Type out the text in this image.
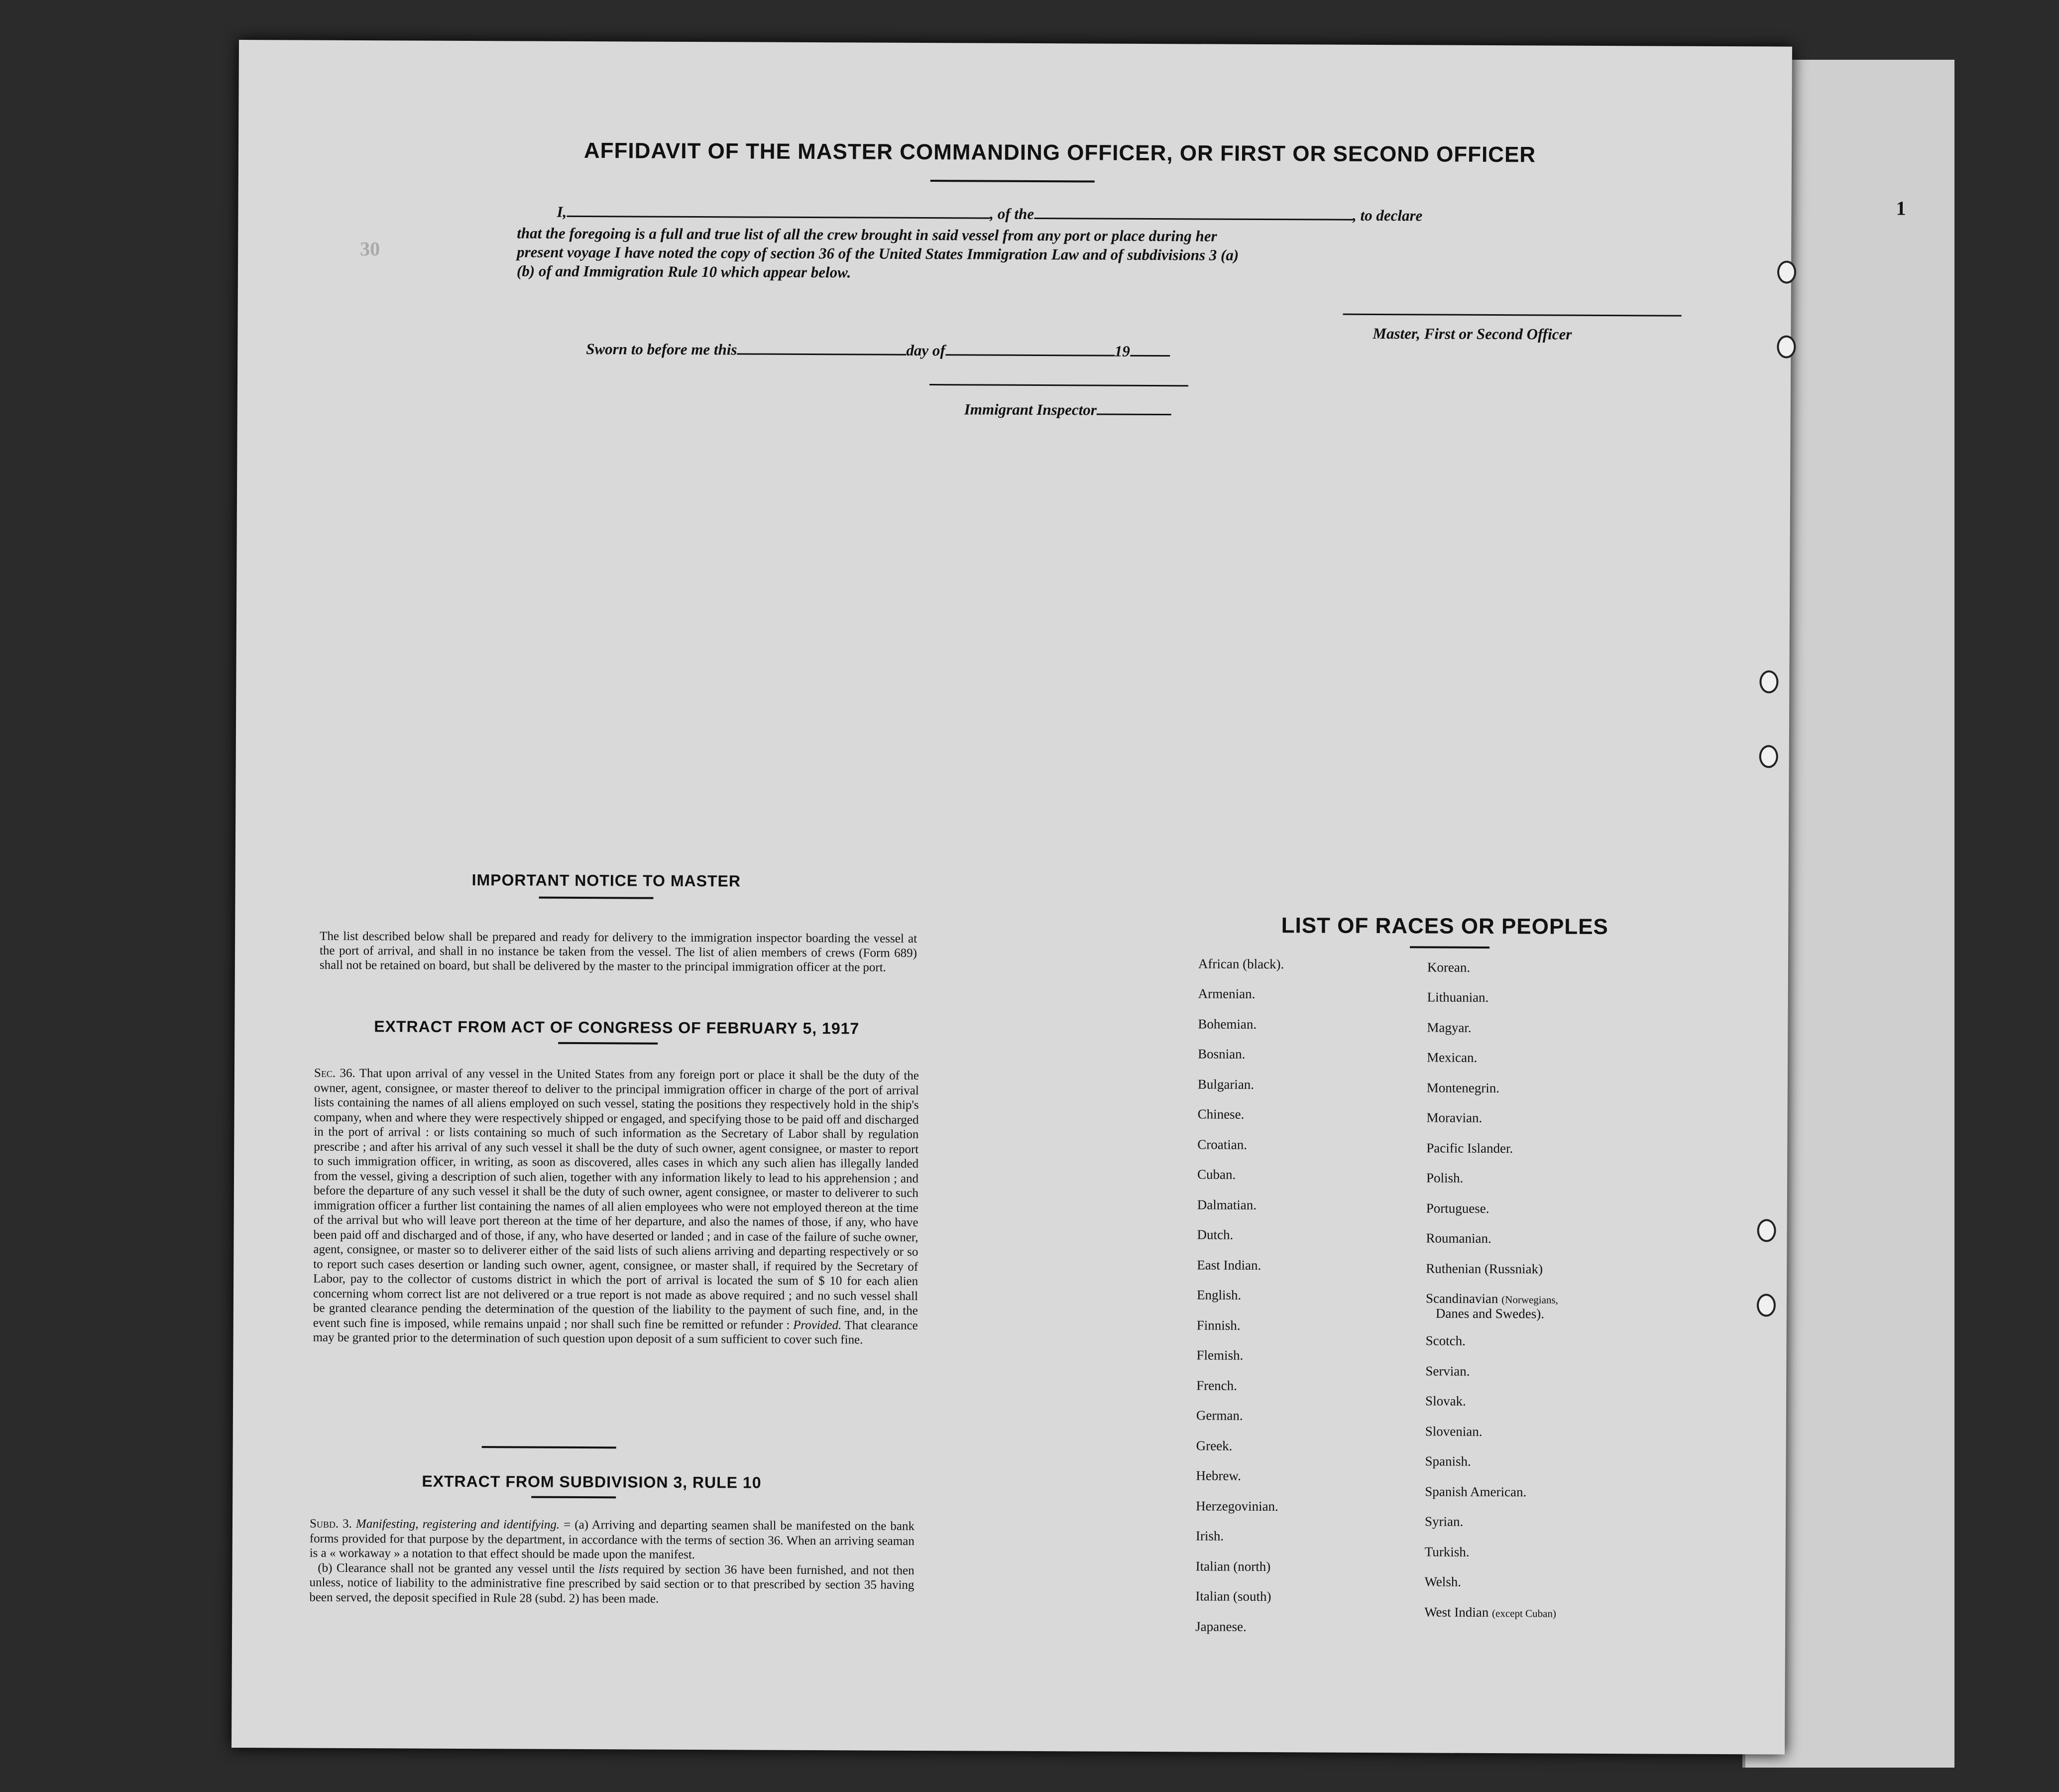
AFFIDAVIT OF THE MASTER COMMANDING OFFICER, OR FIRST OR SECOND OFFICER
1
30
I,	, of the	, to declare
that the foregoing is a full and true list of all the crew brought in said vessel from any port or place during her
present voyage I have noted the copy of section 36 of the United States Immigration Law and of subdivisions 3 (a)
(b) of and Immigration Rule 10 which appear below.
Master, First or Second Officer
Sworn to before me this	day of	19
Immigrant Inspector
IMPORTANT NOTICE TO MASTER
The list described below shall be prepared and ready for delivery to the immigration inspector boarding the vessel at the port of arrival, and shall in no instance be taken from the vessel. The list of alien members of crews (Form 689) shall not be retained on board, but shall be delivered by the master to the principal immigration officer at the port.
EXTRACT FROM ACT OF CONGRESS OF FEBRUARY 5, 1917
Sec. 36. That upon arrival of any vessel in the United States from any foreign port or place it shall be the duty of the owner, agent, consignee, or master thereof to deliver to the principal immigration officer in charge of the port of arrival lists containing the names of all aliens employed on such vessel, stating the positions they respectively hold in the ship's company, when and where they were respectively shipped or engaged, and specifying those to be paid off and discharged in the port of arrival : or lists containing so much of such information as the Secretary of Labor shall by regulation prescribe ; and after his arrival of any such vessel it shall be the duty of such owner, agent consignee, or master to report to such immigration officer, in writing, as soon as discovered, alles cases in which any such alien has illegally landed from the vessel, giving a description of such alien, together with any information likely to lead to his apprehension ; and before the departure of any such vessel it shall be the duty of such owner, agent consignee, or master to deliverer to such immigration officer a further list containing the names of all alien employees who were not employed thereon at the time of the arrival but who will leave port thereon at the time of her departure, and also the names of those, if any, who have been paid off and discharged and of those, if any, who have deserted or landed ; and in case of the failure of suche owner, agent, consignee, or master so to deliverer either of the said lists of such aliens arriving and departing respectively or so to report such cases desertion or landing such owner, agent, consignee, or master shall, if required by the Secretary of Labor, pay to the collector of customs district in which the port of arrival is located the sum of $ 10 for each alien concerning whom correct list are not delivered or a true report is not made as above required ; and no such vessel shall be granted clearance pending the determination of the question of the liability to the payment of such fine, and, in the event such fine is imposed, while remains unpaid ; nor shall such fine be remitted or refunder : Provided. That clearance may be granted prior to the determination of such question upon deposit of a sum sufficient to cover such fine.
EXTRACT FROM SUBDIVISION 3, RULE 10
Subd. 3. Manifesting, registering and identifying. = (a) Arriving and departing seamen shall be manifested on the bank forms provided for that purpose by the department, in accordance with the terms of section 36. When an arriving seaman is a « workaway » a notation to that effect should be made upon the manifest.
(b) Clearance shall not be granted any vessel until the lists required by section 36 have been furnished, and not then unless, notice of liability to the administrative fine prescribed by said section or to that prescribed by section 35 having been served, the deposit specified in Rule 28 (subd. 2) has been made.
LIST OF RACES OR PEOPLES
African (black).
Armenian.
Bohemian.
Bosnian.
Bulgarian.
Chinese.
Croatian.
Cuban.
Dalmatian.
Dutch.
East Indian.
English.
Finnish.
Flemish.
French.
German.
Greek.
Hebrew.
Herzegovinian.
Irish.
Italian (north)
Italian (south)
Japanese.
Korean.
Lithuanian.
Magyar.
Mexican.
Montenegrin.
Moravian.
Pacific Islander.
Polish.
Portuguese.
Roumanian.
Ruthenian (Russniak)
Scandinavian (Norwegians,
Danes and Swedes).
Scotch.
Servian.
Slovak.
Slovenian.
Spanish.
Spanish American.
Syrian.
Turkish.
Welsh.
West Indian (except Cuban)
